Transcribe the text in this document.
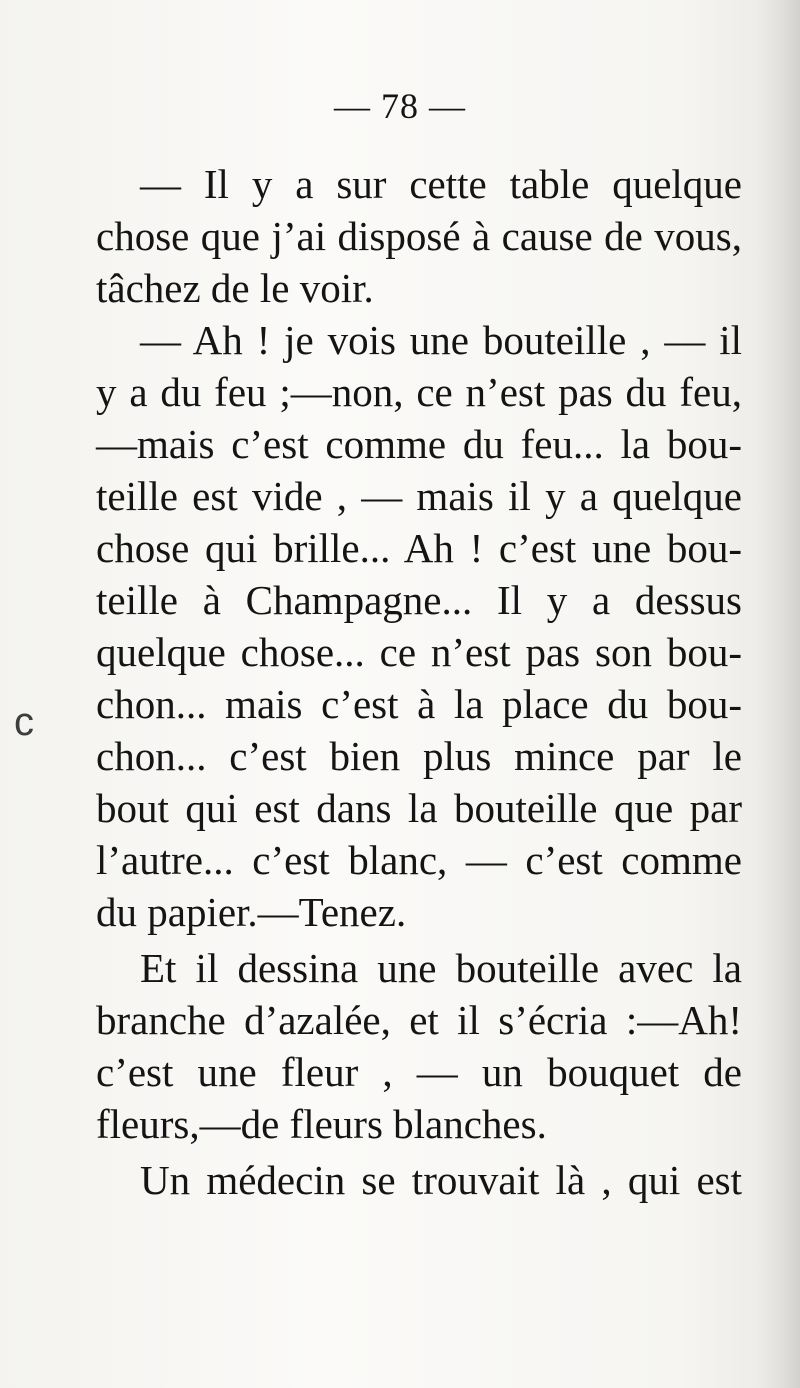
— 78 —
c
— Il y a sur cette table quelque
chose que j’ai disposé à cause de vous,
tâchez de le voir.
— Ah ! je vois une bouteille , — il
y a du feu ;—non, ce n’est pas du feu,
—mais c’est comme du feu... la bou-
teille est vide , — mais il y a quelque
chose qui brille... Ah ! c’est une bou-
teille à Champagne... Il y a dessus
quelque chose... ce n’est pas son bou-
chon... mais c’est à la place du bou-
chon... c’est bien plus mince par le
bout qui est dans la bouteille que par
l’autre... c’est blanc, — c’est comme
du papier.—Tenez.
Et il dessina une bouteille avec la
branche d’azalée, et il s’écria :—Ah!
c’est une fleur , — un bouquet de
fleurs,—de fleurs blanches.
Un médecin se trouvait là , qui est
